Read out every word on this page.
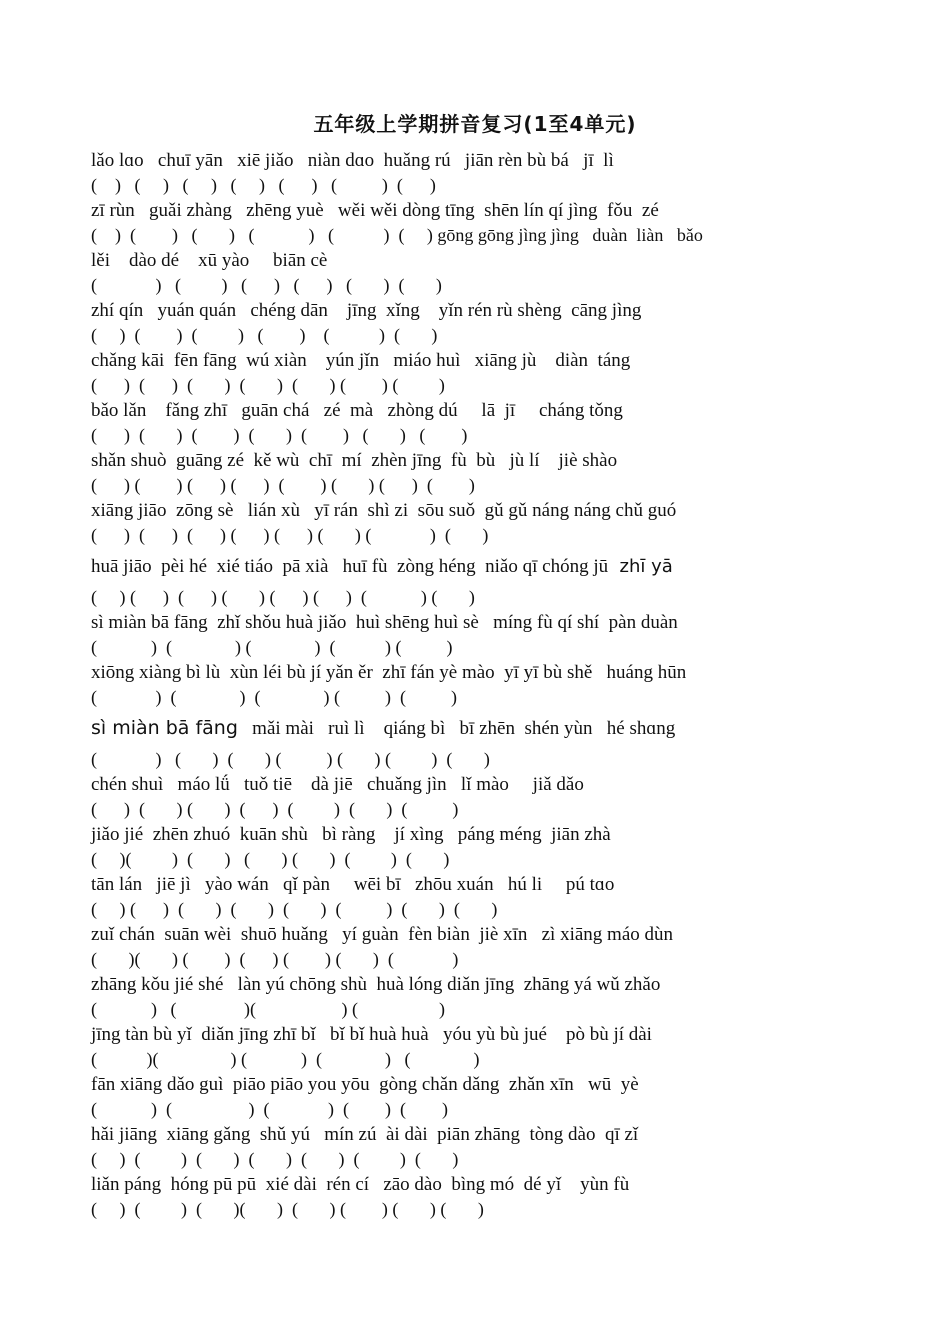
五年级上学期拼音复习(1至4单元)
lǎo lɑo   chuī yān   xiē jiǎo   niàn dɑo  huǎng rú   jiān rèn bù bá   jī  lì
(    )   (     )   (     )   (     )   (      )   (          )  (      )
zī rùn   guǎi zhàng   zhēng yuè   wěi wěi dòng tīng  shēn lín qí jìng  fǒu  zé
(    )  (        )   (       )   (            )   (           )  (     ) gōng gōng jìng jìng   duàn  liàn   bǎo
lěi    dào dé    xū yào     biān cè
(             )   (         )   (      )   (      )   (       )  (       )
zhí qín   yuán quán   chéng dān    jīng  xǐng    yǐn rén rù shèng  cāng jìng
(     )  (        )  (         )   (        )    (           )  (       )
chǎng kāi  fēn fāng  wú xiàn    yún jǐn   miáo huì   xiāng jù    diàn  táng
(      )  (      )  (       )  (       )  (       ) (        ) (         )
bǎo lǎn    fǎng zhī   guān chá   zé  mà   zhòng dú     lā  jī     cháng tǒng
(      )  (       )  (        )  (       )  (        )   (       )   (        )
shǎn shuò  guāng zé  kě wù  chī  mí  zhèn jīng  fù  bù   jù lí    jiè shào
(      ) (        ) (      ) (      )  (        ) (       ) (      )  (        )
xiāng jiāo  zōng sè   lián xù   yī rán  shì zi  sōu suǒ  gǔ gǔ náng náng chǔ guó
(      )  (      )  (      ) (      ) (      ) (       ) (             )  (       )
huā jiāo  pèi hé  xié tiáo  pā xià   huī fù  zòng héng  niǎo qī chóng jū  zhī yā
(     ) (      )  (      ) (       ) (      ) (      )  (            ) (       )
sì miàn bā fāng  zhǐ shǒu huà jiǎo  huì shēng huì sè   míng fù qí shí  pàn duàn
(            )  (              ) (              )  (           ) (          )
xiōng xiàng bì lù  xùn léi bù jí yǎn ěr  zhī fán yè mào  yī yī bù shě   huáng hūn
(             )  (              )  (              ) (          )  (          )
sì miàn bā fāng mǎi mài   ruì lì    qiáng bì   bī zhēn  shén yùn   hé shɑng
(             )   (       )  (       ) (          ) (       ) (         )  (       )
chén shuì   máo lǘ   tuǒ tiē    dà jiē   chuǎng jìn   lǐ mào     jiǎ dǎo
(      )  (       ) (       )  (      )  (         )  (       )  (          )
jiǎo jié  zhēn zhuó  kuān shù   bì ràng    jí xìng   páng méng  jiān zhà
(     )(         )  (       )   (       ) (       )  (         )  (       )
tān lán   jiē jì   yào wán   qǐ pàn     wēi bī   zhōu xuán   hú li     pú tɑo
(     ) (      )  (       )  (       )  (       )  (          )  (       )  (       )
zuǐ chán  suān wèi  shuō huǎng   yí guàn  fèn biàn  jiè xīn   zì xiāng máo dùn
(       )(       ) (        )  (      ) (        ) (       )  (             )
zhāng kǒu jié shé   làn yú chōng shù  huà lóng diǎn jīng  zhāng yá wǔ zhǎo
(            )   (               )(                   ) (                  )
jīng tàn bù yǐ  diǎn jīng zhī bǐ   bǐ bǐ huà huà   yóu yù bù jué    pò bù jí dài
(           )(                ) (            )  (              )   (              )
fān xiāng dǎo guì  piāo piāo you yōu  gòng chǎn dǎng  zhǎn xīn   wū  yè
(            )  (                 )  (             )  (        )  (        )
hǎi jiāng  xiāng gǎng  shǔ yú   mín zú  ài dài  piān zhāng  tòng dào  qī zǐ
(     )  (         )  (       )  (       )  (       )  (         )  (       )
liǎn páng  hóng pū pū  xié dài  rén cí   zāo dào  bìng mó  dé yǐ    yùn fù
(     )  (         )  (       )(       )  (       ) (        ) (       ) (       )
